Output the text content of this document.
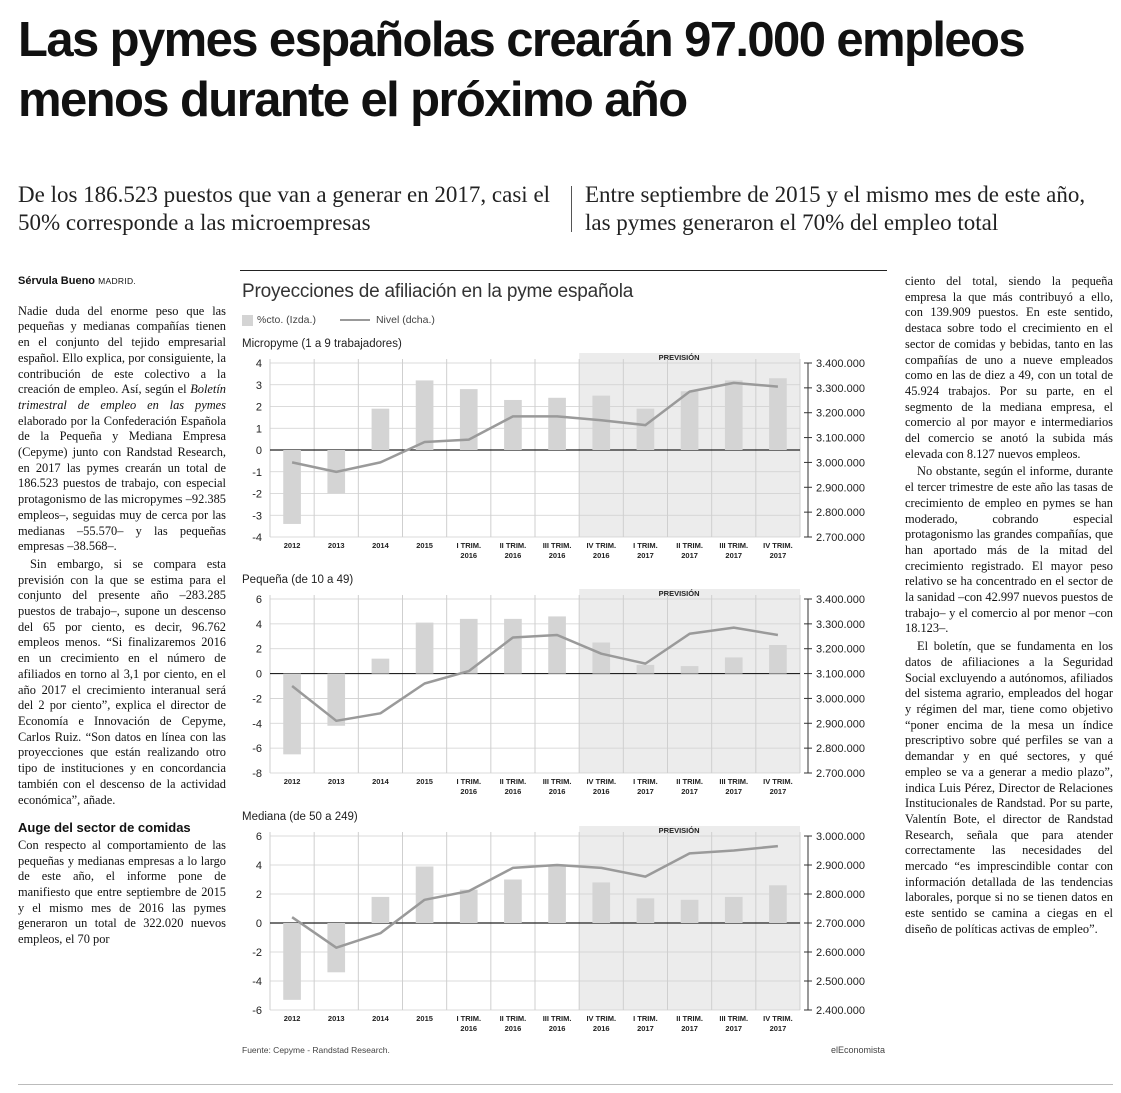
Las pymes españolas crearán 97.000 empleos menos durante el próximo año
De los 186.523 puestos que van a generar en 2017, casi el 50% corresponde a las microempresas
Entre septiembre de 2015 y el mismo mes de este año, las pymes generaron el 70% del empleo total
Sérvula Bueno MADRID.

Nadie duda del enorme peso que las pequeñas y medianas compañías tienen en el conjunto del tejido empresarial español. Ello explica, por consiguiente, la contribución de este colectivo a la creación de empleo. Así, según el Boletín trimestral de empleo en las pymes elaborado por la Confederación Española de la Pequeña y Mediana Empresa (Cepyme) junto con Randstad Research, en 2017 las pymes crearán un total de 186.523 puestos de trabajo, con especial protagonismo de las micropymes –92.385 empleos–, seguidas muy de cerca por las medianas –55.570– y las pequeñas empresas –38.568–.

Sin embargo, si se compara esta previsión con la que se estima para el conjunto del presente año –283.285 puestos de trabajo–, supone un descenso del 65 por ciento, es decir, 96.762 empleos menos. “Si finalizaremos 2016 en un crecimiento en el número de afiliados en torno al 3,1 por ciento, en el año 2017 el crecimiento interanual será del 2 por ciento”, explica el director de Economía e Innovación de Cepyme, Carlos Ruiz. “Son datos en línea con las proyecciones que están realizando otro tipo de instituciones y en concordancia también con el descenso de la actividad económica”, añade.

Auge del sector de comidas

Con respecto al comportamiento de las pequeñas y medianas empresas a lo largo de este año, el informe pone de manifiesto que entre septiembre de 2015 y el mismo mes de 2016 las pymes generaron un total de 322.020 nuevos empleos, el 70 por

ciento del total, siendo la pequeña empresa la que más contribuyó a ello, con 139.909 puestos. En este sentido, destaca sobre todo el crecimiento en el sector de comidas y bebidas, tanto en las compañías de uno a nueve empleados como en las de diez a 49, con un total de 45.924 trabajos. Por su parte, en el segmento de la mediana empresa, el comercio al por mayor e intermediarios del comercio se anotó la subida más elevada con 8.127 nuevos empleos.

No obstante, según el informe, durante el tercer trimestre de este año las tasas de crecimiento de empleo en pymes se han moderado, cobrando especial protagonismo las grandes compañías, que han aportado más de la mitad del crecimiento registrado. El mayor peso relativo se ha concentrado en el sector de la sanidad –con 42.997 nuevos puestos de trabajo– y el comercio al por menor –con 18.123–.

El boletín, que se fundamenta en los datos de afiliaciones a la Seguridad Social excluyendo a autónomos, afiliados del sistema agrario, empleados del hogar y régimen del mar, tiene como objetivo “poner encima de la mesa un índice prescriptivo sobre qué perfiles se van a demandar y en qué sectores, y qué empleo se va a generar a medio plazo”, indica Luis Pérez, Director de Relaciones Institucionales de Randstad. Por su parte, Valentín Bote, el director de Randstad Research, señala que para atender correctamente las necesidades del mercado “es imprescindible contar con información detallada de las tendencias laborales, porque si no se tienen datos en este sentido se camina a ciegas en el diseño de políticas activas de empleo”.

Proyecciones de afiliación en la pyme española
%cto. (Izda.)	Nivel (dcha.)
Micropyme (1 a 9 trabajadores)
PREVISIÓN
-4
-3
-2
-1
0
1
2
3
4	3.400.000
3.300.000
3.200.000
3.100.000
3.000.000
2.900.000
2.800.000
2.700.000
2012	2013	2014	2015	I TRIM.
2016
II TRIM.
2016
III TRIM.
2016
IV TRIM.
2016
I TRIM.
2017
II TRIM.
2017
III TRIM.
2017
IV TRIM.
2017
Pequeña (de 10 a 49)
PREVISIÓN
-8
-6
-4
-2
0
2
4
6	3.400.000
3.300.000
3.200.000
3.100.000
3.000.000
2.900.000
2.800.000
2.700.000
2012	2013	2014	2015	I TRIM.
2016
II TRIM.
2016
III TRIM.
2016
IV TRIM.
2016
I TRIM.
2017
II TRIM.
2017
III TRIM.
2017
IV TRIM.
2017
Mediana (de 50 a 249)
PREVISIÓN
-6
-4
-2
0
2
4
6	3.000.000
2.900.000
2.800.000
2.700.000
2.600.000
2.500.000
2.400.000
2012	2013	2014	2015	I TRIM.
2016
II TRIM.
2016
III TRIM.
2016
IV TRIM.
2016
I TRIM.
2017
II TRIM.
2017
III TRIM.
2017
IV TRIM.
2017
Fuente: Cepyme - Randstad Research.	elEconomista
